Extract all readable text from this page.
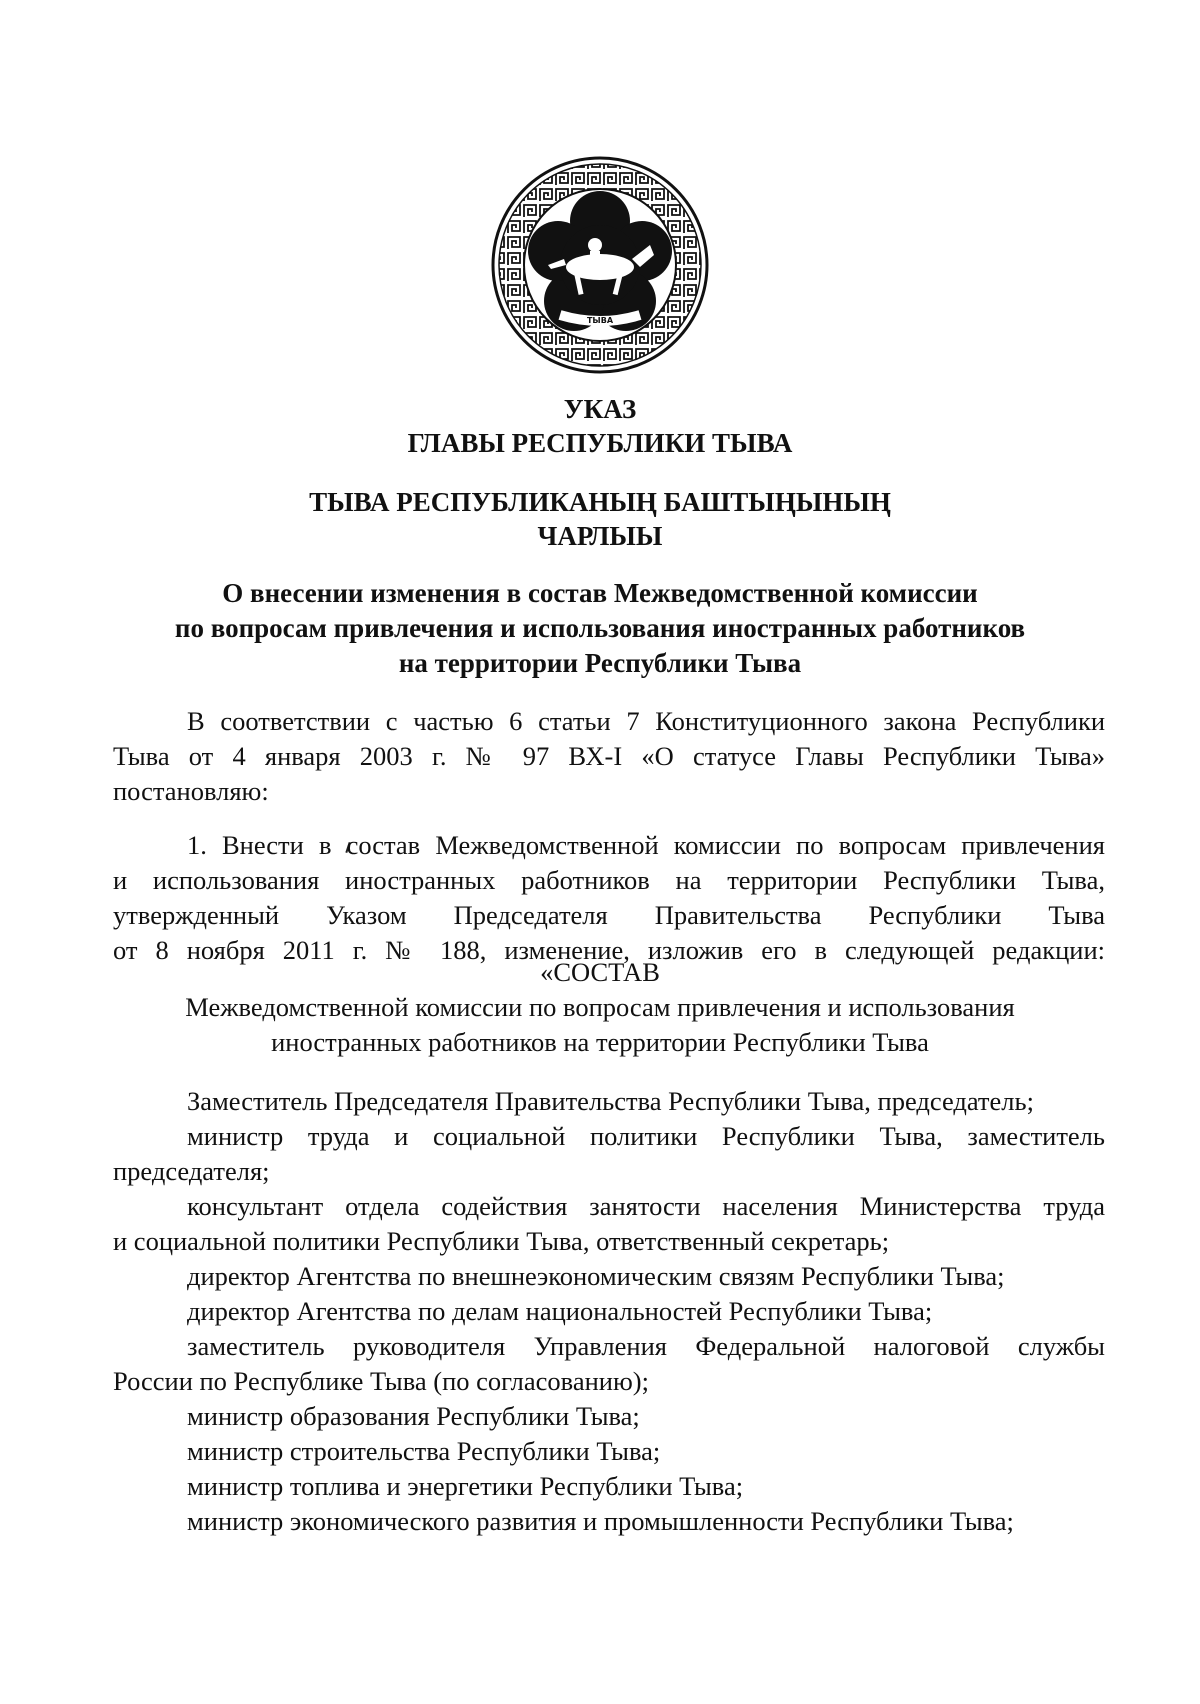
ТЫВА
УКАЗ
ГЛАВЫ РЕСПУБЛИКИ ТЫВА
ТЫВА РЕСПУБЛИКАНЫҢ БАШТЫҢЫНЫҢ
ЧАРЛЫЫ
О внесении изменения в состав Межведомственной комиссии
по вопросам привлечения и использования иностранных работников
на территории Республики Тыва
В соответствии с частью 6 статьи 7 Конституционного закона Республики
Тыва от 4 января 2003 г. № 97 ВХ-I «О статусе Главы Республики Тыва»
постановляю:
1. Внести в состав Межведомственной комиссии по вопросам привлечения
и использования иностранных работников на территории Республики Тыва,
утвержденный Указом Председателя Правительства Республики Тыва
от 8 ноября 2011 г. № 188, изменение, изложив его в следующей редакции:
«СОСТАВ
Межведомственной комиссии по вопросам привлечения и использования
иностранных работников на территории Республики Тыва
Заместитель Председателя Правительства Республики Тыва, председатель;
министр труда и социальной политики Республики Тыва, заместитель
председателя;
консультант отдела содействия занятости населения Министерства труда
и социальной политики Республики Тыва, ответственный секретарь;
директор Агентства по внешнеэкономическим связям Республики Тыва;
директор Агентства по делам национальностей Республики Тыва;
заместитель руководителя Управления Федеральной налоговой службы
России по Республике Тыва (по согласованию);
министр образования Республики Тыва;
министр строительства Республики Тыва;
министр топлива и энергетики Республики Тыва;
министр экономического развития и промышленности Республики Тыва;
